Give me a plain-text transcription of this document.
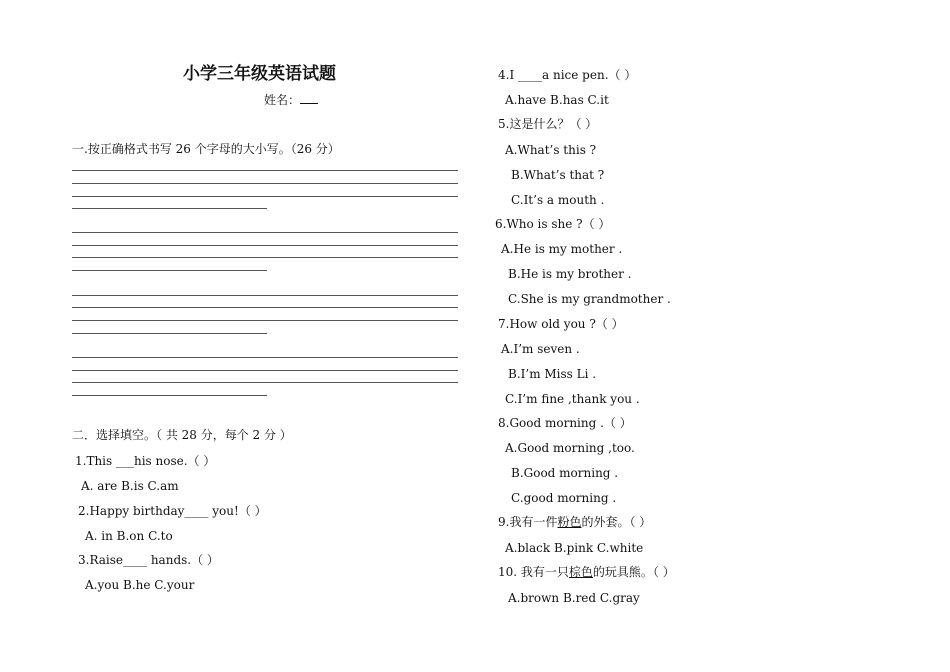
小学三年级英语试题
姓名：
一.按正确格式书写 26 个字母的大小写。（26 分）
二．选择填空。（ 共 28 分，每个 2 分 ）
1.This ___his nose.（ ）
A. are B.is C.am
2.Happy birthday____ you!（ ）
A. in B.on C.to
3.Raise____ hands.（ ）
A.you B.he C.your
4.I ____a nice pen.（ ）
A.have B.has C.it
5.这是什么？（ ）
A.What’s this ?
B.What’s that ?
C.It’s a mouth .
6.Who is she ?（ ）
A.He is my mother .
B.He is my brother .
C.She is my grandmother .
7.How old you ?（ ）
A.I’m seven .
B.I’m Miss Li .
C.I’m fine ,thank you .
8.Good morning .（ ）
A.Good morning ,too.
B.Good morning .
C.good morning .
9.我有一件粉色的外套。（ ）
A.black B.pink C.white
10. 我有一只棕色的玩具熊。（ ）
A.brown B.red C.gray
